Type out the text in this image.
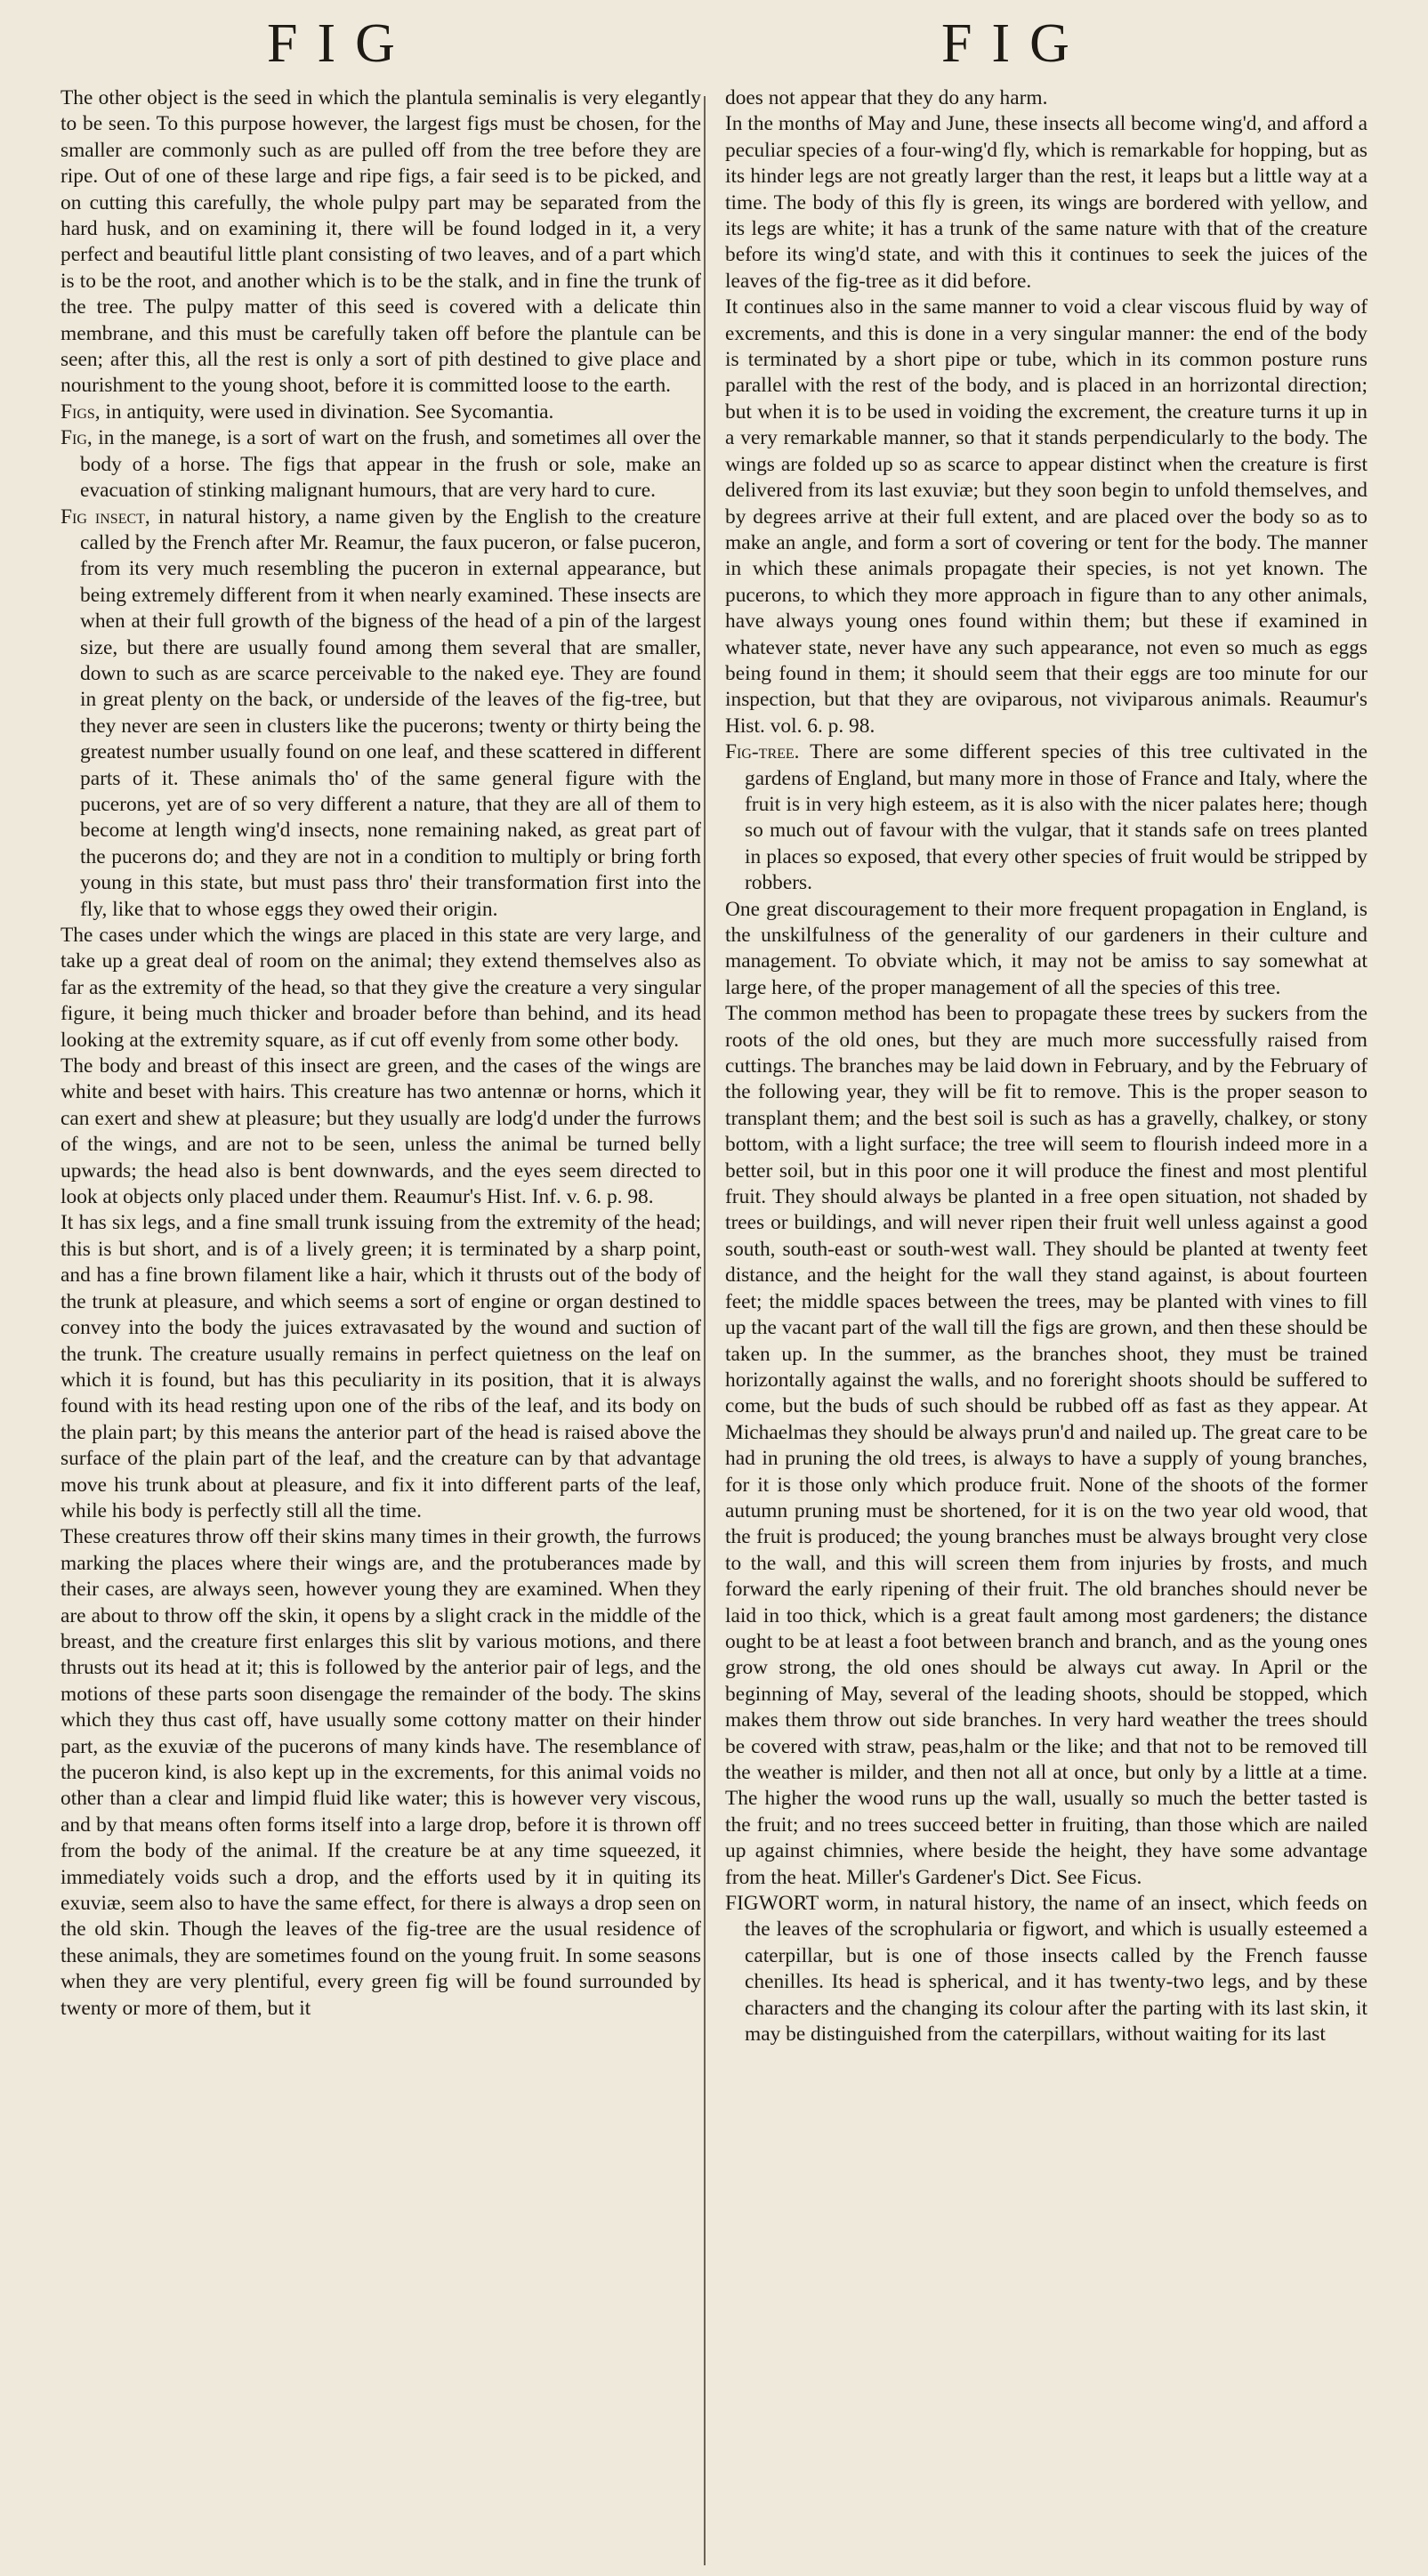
FIG	FIG

The other object is the seed in which the plantula seminalis is very elegantly to be seen. To this purpose however, the largest figs must be chosen, for the smaller are commonly such as are pulled off from the tree before they are ripe. Out of one of these large and ripe figs, a fair seed is to be picked, and on cutting this carefully, the whole pulpy part may be separated from the hard husk, and on examining it, there will be found lodged in it, a very perfect and beautiful little plant consisting of two leaves, and of a part which is to be the root, and another which is to be the stalk, and in fine the trunk of the tree. The pulpy matter of this seed is covered with a delicate thin membrane, and this must be carefully taken off before the plantule can be seen; after this, all the rest is only a sort of pith destined to give place and nourishment to the young shoot, before it is committed loose to the earth.

Figs, in antiquity, were used in divination. See Sycomantia.

Fig, in the manege, is a sort of wart on the frush, and sometimes all over the body of a horse. The figs that appear in the frush or sole, make an evacuation of stinking malignant humours, that are very hard to cure.

Fig insect, in natural history, a name given by the English to the creature called by the French after Mr. Reamur, the faux puceron, or false puceron, from its very much resembling the puceron in external appearance, but being extremely different from it when nearly examined. These insects are when at their full growth of the bigness of the head of a pin of the largest size, but there are usually found among them several that are smaller, down to such as are scarce perceivable to the naked eye. They are found in great plenty on the back, or underside of the leaves of the fig-tree, but they never are seen in clusters like the pucerons; twenty or thirty being the greatest number usually found on one leaf, and these scattered in different parts of it. These animals tho' of the same general figure with the pucerons, yet are of so very different a nature, that they are all of them to become at length wing'd insects, none remaining naked, as great part of the pucerons do; and they are not in a condition to multiply or bring forth young in this state, but must pass thro' their transformation first into the fly, like that to whose eggs they owed their origin.

The cases under which the wings are placed in this state are very large, and take up a great deal of room on the animal; they extend themselves also as far as the extremity of the head, so that they give the creature a very singular figure, it being much thicker and broader before than behind, and its head looking at the extremity square, as if cut off evenly from some other body.

The body and breast of this insect are green, and the cases of the wings are white and beset with hairs. This creature has two antennæ or horns, which it can exert and shew at pleasure; but they usually are lodg'd under the furrows of the wings, and are not to be seen, unless the animal be turned belly upwards; the head also is bent downwards, and the eyes seem directed to look at objects only placed under them. Reaumur's Hist. Inf. v. 6. p. 98.

It has six legs, and a fine small trunk issuing from the extremity of the head; this is but short, and is of a lively green; it is terminated by a sharp point, and has a fine brown filament like a hair, which it thrusts out of the body of the trunk at pleasure, and which seems a sort of engine or organ destined to convey into the body the juices extravasated by the wound and suction of the trunk. The creature usually remains in perfect quietness on the leaf on which it is found, but has this peculiarity in its position, that it is always found with its head resting upon one of the ribs of the leaf, and its body on the plain part; by this means the anterior part of the head is raised above the surface of the plain part of the leaf, and the creature can by that advantage move his trunk about at pleasure, and fix it into different parts of the leaf, while his body is perfectly still all the time.

These creatures throw off their skins many times in their growth, the furrows marking the places where their wings are, and the protuberances made by their cases, are always seen, however young they are examined. When they are about to throw off the skin, it opens by a slight crack in the middle of the breast, and the creature first enlarges this slit by various motions, and there thrusts out its head at it; this is followed by the anterior pair of legs, and the motions of these parts soon disengage the remainder of the body. The skins which they thus cast off, have usually some cottony matter on their hinder part, as the exuviæ of the pucerons of many kinds have. The resemblance of the puceron kind, is also kept up in the excrements, for this animal voids no other than a clear and limpid fluid like water; this is however very viscous, and by that means often forms itself into a large drop, before it is thrown off from the body of the animal. If the creature be at any time squeezed, it immediately voids such a drop, and the efforts used by it in quiting its exuviæ, seem also to have the same effect, for there is always a drop seen on the old skin. Though the leaves of the fig-tree are the usual residence of these animals, they are sometimes found on the young fruit. In some seasons when they are very plentiful, every green fig will be found surrounded by twenty or more of them, but it

does not appear that they do any harm.

In the months of May and June, these insects all become wing'd, and afford a peculiar species of a four-wing'd fly, which is remarkable for hopping, but as its hinder legs are not greatly larger than the rest, it leaps but a little way at a time. The body of this fly is green, its wings are bordered with yellow, and its legs are white; it has a trunk of the same nature with that of the creature before its wing'd state, and with this it continues to seek the juices of the leaves of the fig-tree as it did before.

It continues also in the same manner to void a clear viscous fluid by way of excrements, and this is done in a very singular manner: the end of the body is terminated by a short pipe or tube, which in its common posture runs parallel with the rest of the body, and is placed in an horrizontal direction; but when it is to be used in voiding the excrement, the creature turns it up in a very remarkable manner, so that it stands perpendicularly to the body. The wings are folded up so as scarce to appear distinct when the creature is first delivered from its last exuviæ; but they soon begin to unfold themselves, and by degrees arrive at their full extent, and are placed over the body so as to make an angle, and form a sort of covering or tent for the body. The manner in which these animals propagate their species, is not yet known. The pucerons, to which they more approach in figure than to any other animals, have always young ones found within them; but these if examined in whatever state, never have any such appearance, not even so much as eggs being found in them; it should seem that their eggs are too minute for our inspection, but that they are oviparous, not viviparous animals. Reaumur's Hist. vol. 6. p. 98.

Fig-tree. There are some different species of this tree cultivated in the gardens of England, but many more in those of France and Italy, where the fruit is in very high esteem, as it is also with the nicer palates here; though so much out of favour with the vulgar, that it stands safe on trees planted in places so exposed, that every other species of fruit would be stripped by robbers.

One great discouragement to their more frequent propagation in England, is the unskilfulness of the generality of our gardeners in their culture and management. To obviate which, it may not be amiss to say somewhat at large here, of the proper management of all the species of this tree.

The common method has been to propagate these trees by suckers from the roots of the old ones, but they are much more successfully raised from cuttings. The branches may be laid down in February, and by the February of the following year, they will be fit to remove. This is the proper season to transplant them; and the best soil is such as has a gravelly, chalkey, or stony bottom, with a light surface; the tree will seem to flourish indeed more in a better soil, but in this poor one it will produce the finest and most plentiful fruit. They should always be planted in a free open situation, not shaded by trees or buildings, and will never ripen their fruit well unless against a good south, south-east or south-west wall. They should be planted at twenty feet distance, and the height for the wall they stand against, is about fourteen feet; the middle spaces between the trees, may be planted with vines to fill up the vacant part of the wall till the figs are grown, and then these should be taken up. In the summer, as the branches shoot, they must be trained horizontally against the walls, and no foreright shoots should be suffered to come, but the buds of such should be rubbed off as fast as they appear. At Michaelmas they should be always prun'd and nailed up. The great care to be had in pruning the old trees, is always to have a supply of young branches, for it is those only which produce fruit. None of the shoots of the former autumn pruning must be shortened, for it is on the two year old wood, that the fruit is produced; the young branches must be always brought very close to the wall, and this will screen them from injuries by frosts, and much forward the early ripening of their fruit. The old branches should never be laid in too thick, which is a great fault among most gardeners; the distance ought to be at least a foot between branch and branch, and as the young ones grow strong, the old ones should be always cut away. In April or the beginning of May, several of the leading shoots, should be stopped, which makes them throw out side branches. In very hard weather the trees should be covered with straw, peas,halm or the like; and that not to be removed till the weather is milder, and then not all at once, but only by a little at a time. The higher the wood runs up the wall, usually so much the better tasted is the fruit; and no trees succeed better in fruiting, than those which are nailed up against chimnies, where beside the height, they have some advantage from the heat. Miller's Gardener's Dict. See Ficus.

FIGWORT worm, in natural history, the name of an insect, which feeds on the leaves of the scrophularia or figwort, and which is usually esteemed a caterpillar, but is one of those insects called by the French fausse chenilles. Its head is spherical, and it has twenty-two legs, and by these characters and the changing its colour after the parting with its last skin, it may be distinguished from the caterpillars, without waiting for its last
